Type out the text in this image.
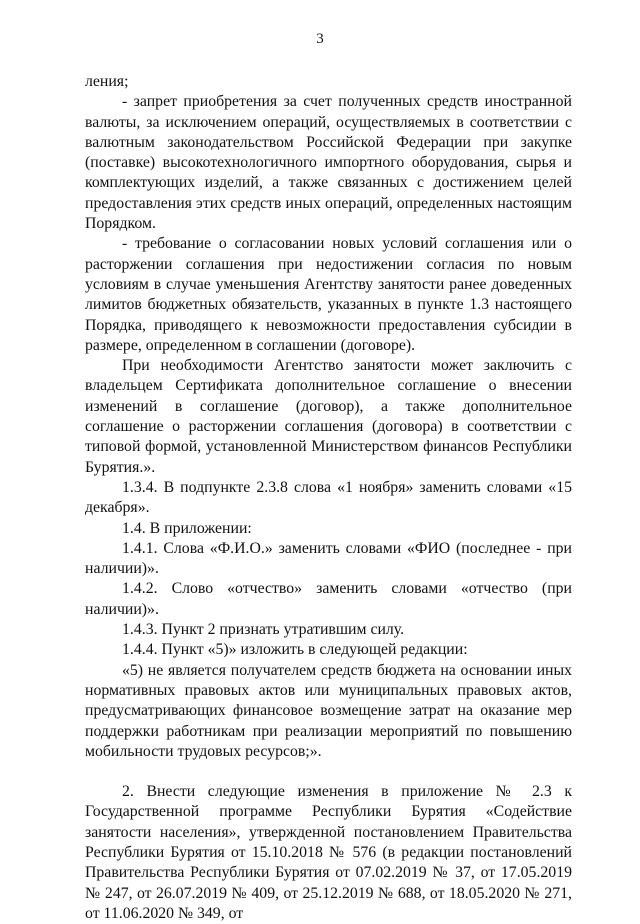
3

ления;

- запрет приобретения за счет полученных средств иностранной валюты, за исключением операций, осуществляемых в соответствии с валютным законодательством Российской Федерации при закупке (поставке) высокотехнологичного импортного оборудования, сырья и комплектующих изделий, а также связанных с достижением целей предоставления этих средств иных операций, определенных настоящим Порядком.

- требование о согласовании новых условий соглашения или о расторжении соглашения при недостижении согласия по новым условиям в случае уменьшения Агентству занятости ранее доведенных лимитов бюджетных обязательств, указанных в пункте 1.3 настоящего Порядка, приводящего к невозможности предоставления субсидии в размере, определенном в соглашении (договоре).

При необходимости Агентство занятости может заключить с владельцем Сертификата дополнительное соглашение о внесении изменений в соглашение (договор), а также дополнительное соглашение о расторжении соглашения (договора) в соответствии с типовой формой, установленной Министерством финансов Республики Бурятия.».

1.3.4. В подпункте 2.3.8 слова «1 ноября» заменить словами «15 декабря».

1.4. В приложении:

1.4.1. Слова «Ф.И.О.» заменить словами «ФИО (последнее - при наличии)».

1.4.2. Слово «отчество» заменить словами «отчество (при наличии)».

1.4.3. Пункт 2 признать утратившим силу.

1.4.4. Пункт «5)» изложить в следующей редакции:

«5) не является получателем средств бюджета на основании иных нормативных правовых актов или муниципальных правовых актов, предусматривающих финансовое возмещение затрат на оказание мер поддержки работникам при реализации мероприятий по повышению мобильности трудовых ресурсов;».

2. Внести следующие изменения в приложение № 2.3 к Государственной программе Республики Бурятия «Содействие занятости населения», утвержденной постановлением Правительства Республики Бурятия от 15.10.2018 № 576 (в редакции постановлений Правительства Республики Бурятия от 07.02.2019 № 37, от 17.05.2019 № 247, от 26.07.2019 № 409, от 25.12.2019 № 688, от 18.05.2020 № 271, от 11.06.2020 № 349, от
